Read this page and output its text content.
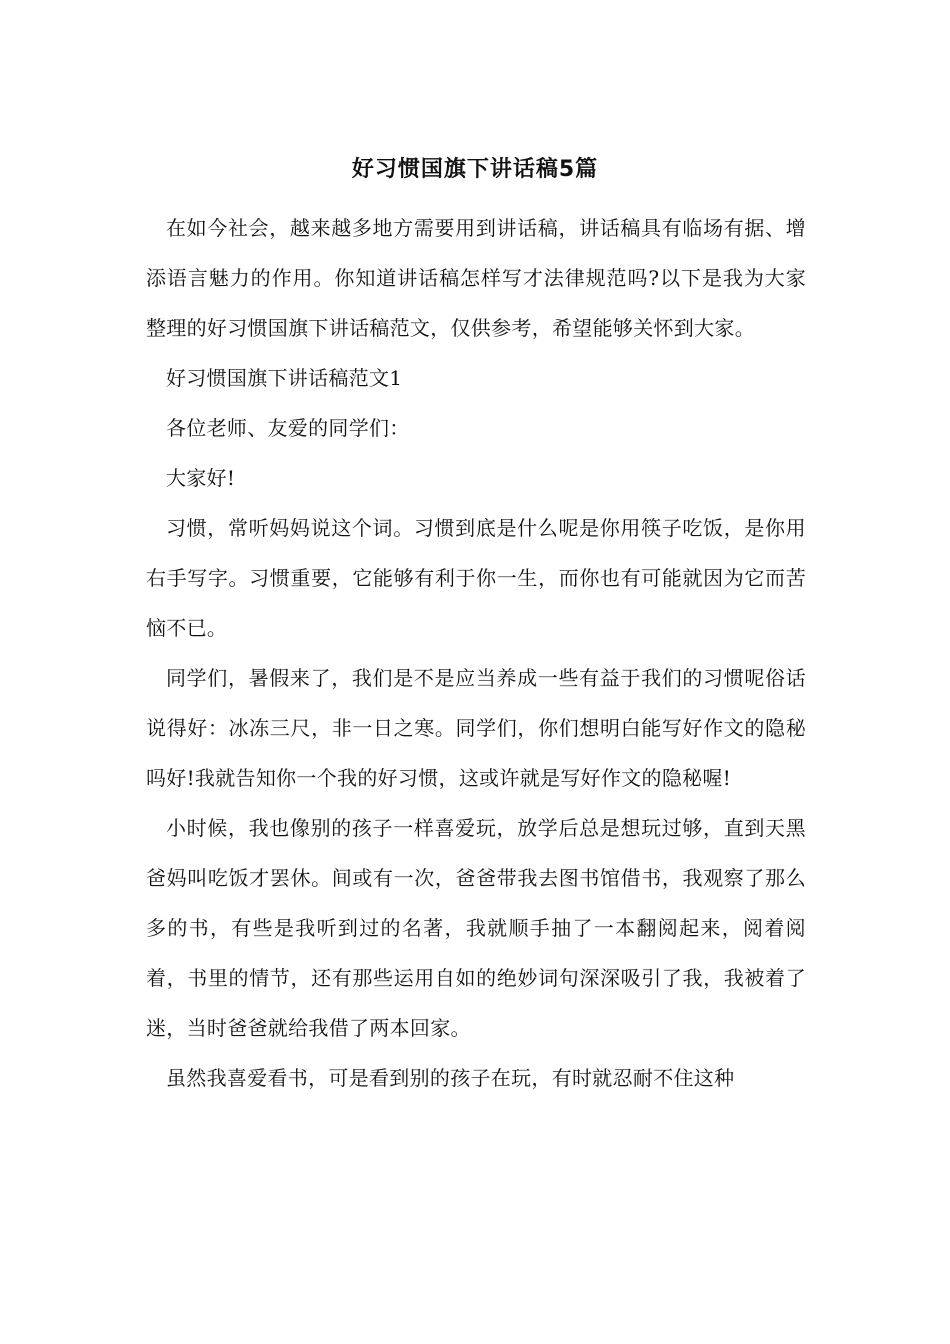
好习惯国旗下讲话稿5篇

在如今社会，越来越多地方需要用到讲话稿，讲话稿具有临场有据、增添语言魅力的作用。你知道讲话稿怎样写才法律规范吗?以下是我为大家整理的好习惯国旗下讲话稿范文，仅供参考，希望能够关怀到大家。

好习惯国旗下讲话稿范文1

各位老师、友爱的同学们：

大家好!

习惯，常听妈妈说这个词。习惯到底是什么呢是你用筷子吃饭，是你用右手写字。习惯重要，它能够有利于你一生，而你也有可能就因为它而苦恼不已。

同学们，暑假来了，我们是不是应当养成一些有益于我们的习惯呢俗话说得好：冰冻三尺，非一日之寒。同学们，你们想明白能写好作文的隐秘吗好!我就告知你一个我的好习惯，这或许就是写好作文的隐秘喔!

小时候，我也像别的孩子一样喜爱玩，放学后总是想玩过够，直到天黑爸妈叫吃饭才罢休。间或有一次，爸爸带我去图书馆借书，我观察了那么多的书，有些是我听到过的名著，我就顺手抽了一本翻阅起来，阅着阅着，书里的情节，还有那些运用自如的绝妙词句深深吸引了我，我被着了迷，当时爸爸就给我借了两本回家。

虽然我喜爱看书，可是看到别的孩子在玩，有时就忍耐不住这种
